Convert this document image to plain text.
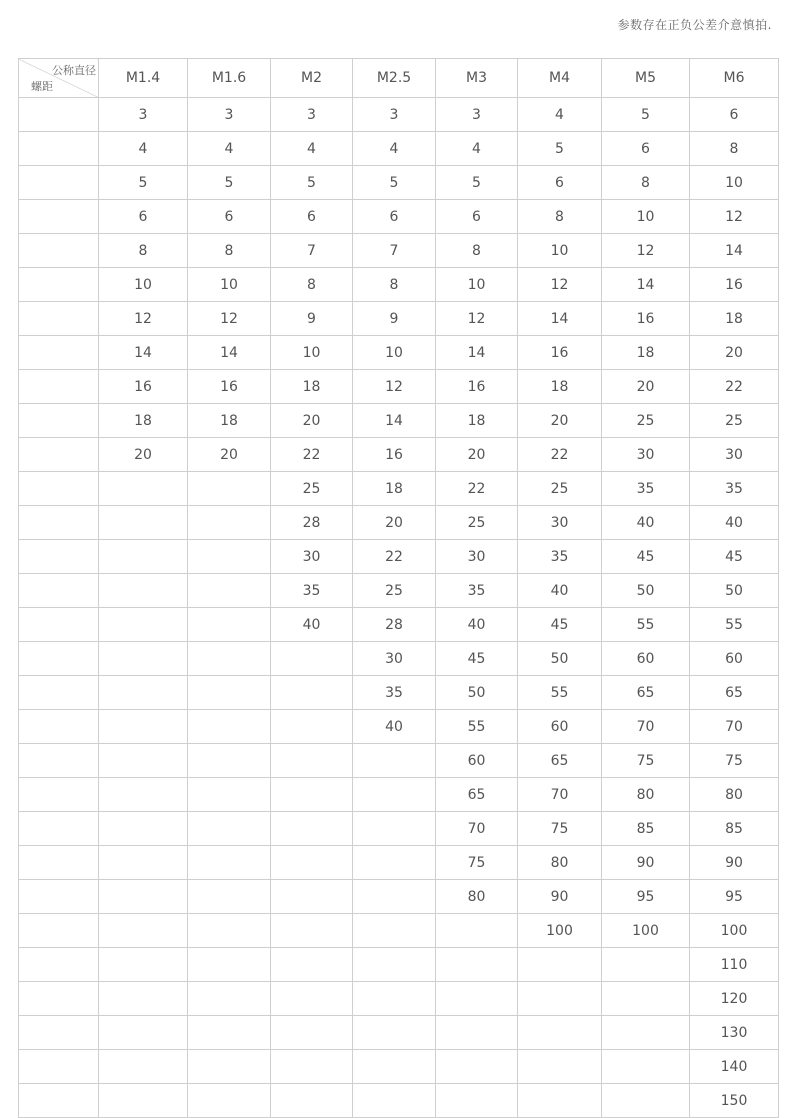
参数存在正负公差介意慎拍.
公称直径
螺距	M1.4	M1.6	M2	M2.5	M3	M4	M5	M6
	3	3	3	3	3	4	5	6
	4	4	4	4	4	5	6	8
	5	5	5	5	5	6	8	10
	6	6	6	6	6	8	10	12
	8	8	7	7	8	10	12	14
	10	10	8	8	10	12	14	16
	12	12	9	9	12	14	16	18
	14	14	10	10	14	16	18	20
	16	16	18	12	16	18	20	22
	18	18	20	14	18	20	25	25
	20	20	22	16	20	22	30	30
			25	18	22	25	35	35
			28	20	25	30	40	40
			30	22	30	35	45	45
			35	25	35	40	50	50
			40	28	40	45	55	55
				30	45	50	60	60
				35	50	55	65	65
				40	55	60	70	70
					60	65	75	75
					65	70	80	80
					70	75	85	85
					75	80	90	90
					80	90	95	95
						100	100	100
								110
								120
								130
								140
								150
